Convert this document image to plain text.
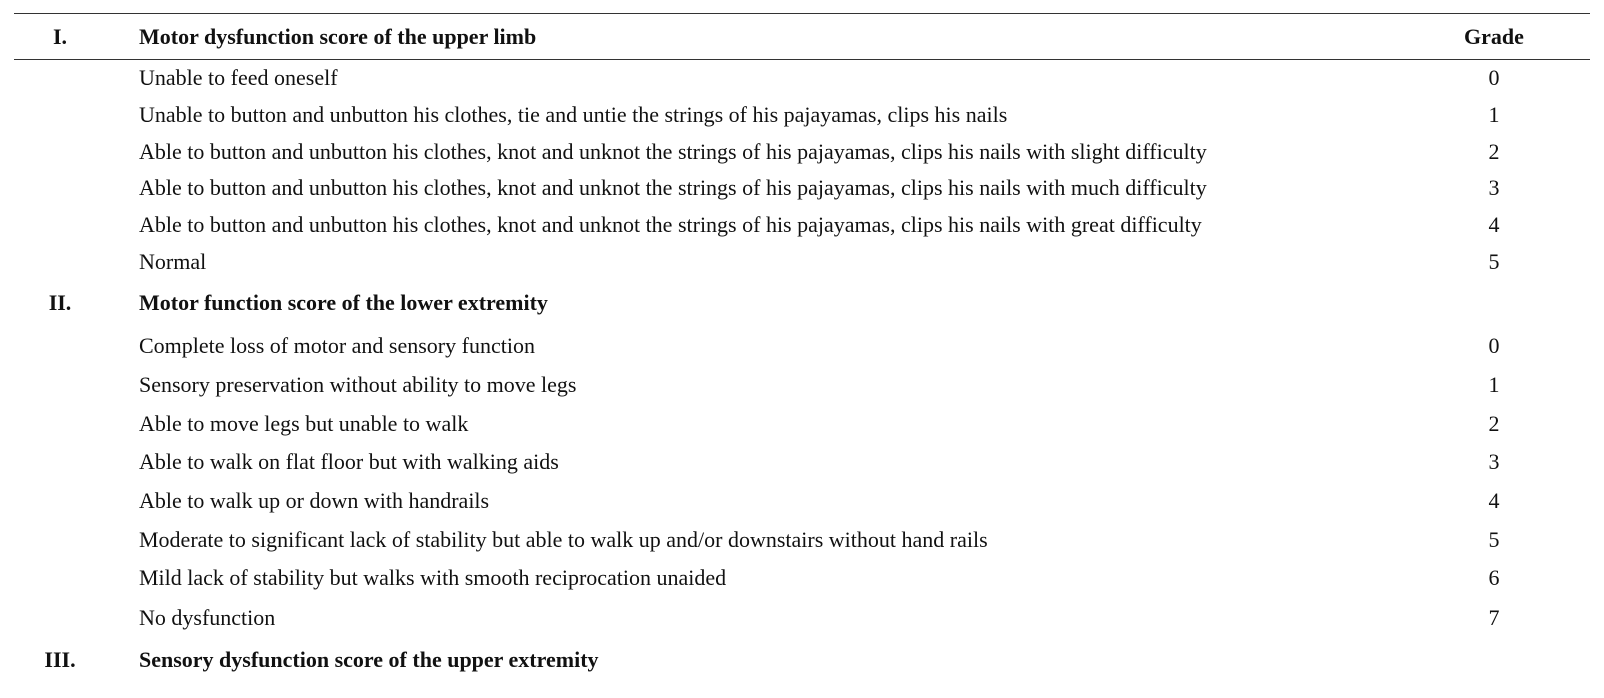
I.	Motor dysfunction score of the upper limb	Grade
Unable to feed oneself	0
Unable to button and unbutton his clothes, tie and untie the strings of his pajayamas, clips his nails	1
Able to button and unbutton his clothes, knot and unknot the strings of his pajayamas, clips his nails with slight difficulty	2
Able to button and unbutton his clothes, knot and unknot the strings of his pajayamas, clips his nails with much difficulty	3
Able to button and unbutton his clothes, knot and unknot the strings of his pajayamas, clips his nails with great difficulty	4
Normal	5
II.	Motor function score of the lower extremity
Complete loss of motor and sensory function	0
Sensory preservation without ability to move legs	1
Able to move legs but unable to walk	2
Able to walk on flat floor but with walking aids	3
Able to walk up or down with handrails	4
Moderate to significant lack of stability but able to walk up and/or downstairs without hand rails	5
Mild lack of stability but walks with smooth reciprocation unaided	6
No dysfunction	7
III.	Sensory dysfunction score of the upper extremity
